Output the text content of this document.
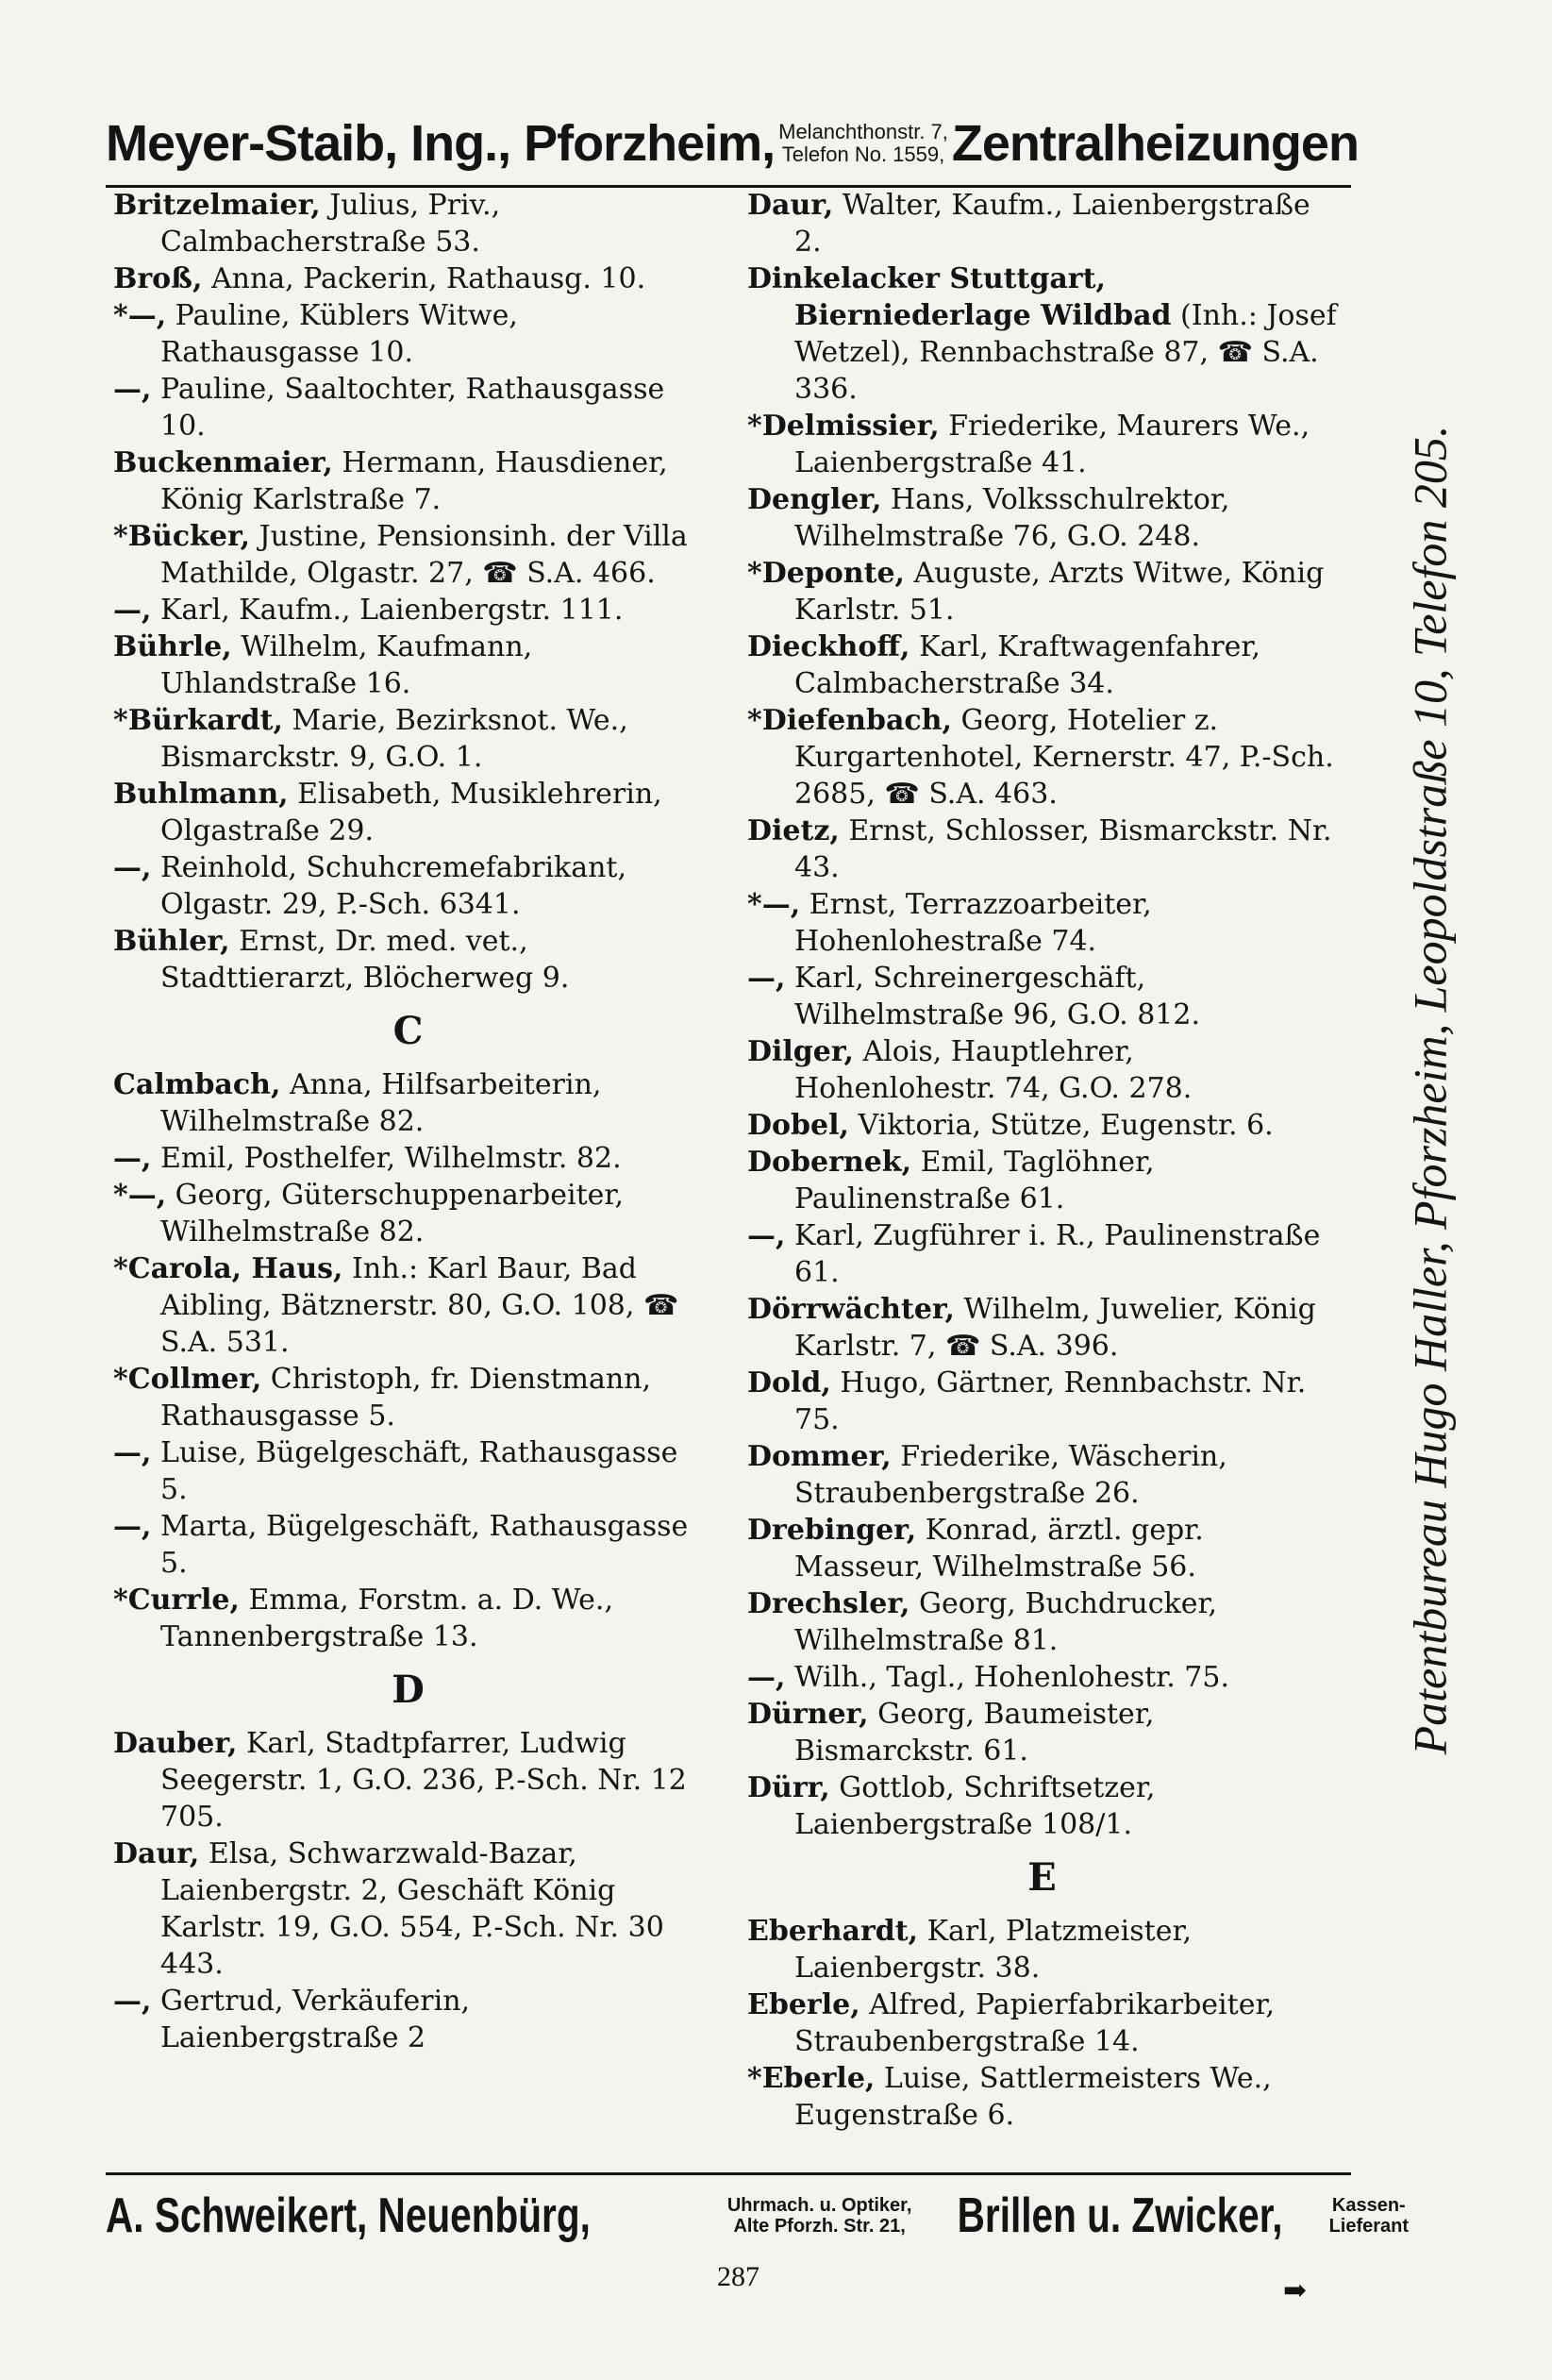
Meyer-Staib, Ing., Pforzheim, Melanchthonstr. 7,
Telefon No. 1559, Zentralheizungen

Britzelmaier, Julius, Priv., Calmbacherstraße 53.

Broß, Anna, Packerin, Rathausg. 10.

*—, Pauline, Küblers Witwe, Rathausgasse 10.

—, Pauline, Saaltochter, Rathausgasse 10.

Buckenmaier, Hermann, Hausdiener, König Karlstraße 7.

*Bücker, Justine, Pensionsinh. der Villa Mathilde, Olgastr. 27, ☎ S.A. 466.

—, Karl, Kaufm., Laienbergstr. 111.

Bührle, Wilhelm, Kaufmann, Uhlandstraße 16.

*Bürkardt, Marie, Bezirksnot. We., Bismarckstr. 9, G.O. 1.

Buhlmann, Elisabeth, Musiklehrerin, Olgastraße 29.

—, Reinhold, Schuhcremefabrikant, Olgastr. 29, P.-Sch. 6341.

Bühler, Ernst, Dr. med. vet., Stadttierarzt, Blöcherweg 9.

C

Calmbach, Anna, Hilfsarbeiterin, Wilhelmstraße 82.

—, Emil, Posthelfer, Wilhelmstr. 82.

*—, Georg, Güterschuppenarbeiter, Wilhelmstraße 82.

*Carola, Haus, Inh.: Karl Baur, Bad Aibling, Bätznerstr. 80, G.O. 108, ☎ S.A. 531.

*Collmer, Christoph, fr. Dienstmann, Rathausgasse 5.

—, Luise, Bügelgeschäft, Rathausgasse 5.

—, Marta, Bügelgeschäft, Rathausgasse 5.

*Currle, Emma, Forstm. a. D. We., Tannenbergstraße 13.

D

Dauber, Karl, Stadtpfarrer, Ludwig Seegerstr. 1, G.O. 236, P.-Sch. Nr. 12 705.

Daur, Elsa, Schwarzwald-Bazar, Laienbergstr. 2, Geschäft König Karlstr. 19, G.O. 554, P.-Sch. Nr. 30 443.

—, Gertrud, Verkäuferin, Laienbergstraße 2

Daur, Walter, Kaufm., Laienbergstraße 2.

Dinkelacker Stuttgart, Bierniederlage Wildbad (Inh.: Josef Wetzel), Rennbachstraße 87, ☎ S.A. 336.

*Delmissier, Friederike, Maurers We., Laienbergstraße 41.

Dengler, Hans, Volksschulrektor, Wilhelmstraße 76, G.O. 248.

*Deponte, Auguste, Arzts Witwe, König Karlstr. 51.

Dieckhoff, Karl, Kraftwagenfahrer, Calmbacherstraße 34.

*Diefenbach, Georg, Hotelier z. Kurgartenhotel, Kernerstr. 47, P.-Sch. 2685, ☎ S.A. 463.

Dietz, Ernst, Schlosser, Bismarckstr. Nr. 43.

*—, Ernst, Terrazzoarbeiter, Hohenlohestraße 74.

—, Karl, Schreinergeschäft, Wilhelmstraße 96, G.O. 812.

Dilger, Alois, Hauptlehrer, Hohenlohestr. 74, G.O. 278.

Dobel, Viktoria, Stütze, Eugenstr. 6.

Dobernek, Emil, Taglöhner, Paulinenstraße 61.

—, Karl, Zugführer i. R., Paulinenstraße 61.

Dörrwächter, Wilhelm, Juwelier, König Karlstr. 7, ☎ S.A. 396.

Dold, Hugo, Gärtner, Rennbachstr. Nr. 75.

Dommer, Friederike, Wäscherin, Straubenbergstraße 26.

Drebinger, Konrad, ärztl. gepr. Masseur, Wilhelmstraße 56.

Drechsler, Georg, Buchdrucker, Wilhelmstraße 81.

—, Wilh., Tagl., Hohenlohestr. 75.

Dürner, Georg, Baumeister, Bismarckstr. 61.

Dürr, Gottlob, Schriftsetzer, Laienbergstraße 108/1.

E

Eberhardt, Karl, Platzmeister, Laienbergstr. 38.

Eberle, Alfred, Papierfabrikarbeiter, Straubenbergstraße 14.

*Eberle, Luise, Sattlermeisters We., Eugenstraße 6.

Patentbureau Hugo Haller, Pforzheim, Leopoldstraße 10, Telefon 205.
A. Schweikert, Neuenbürg,	Uhrmach. u. Optiker,
Alte Pforzh. Str. 21, Brillen u. Zwicker,	Kassen-
Lieferant
287	➡
